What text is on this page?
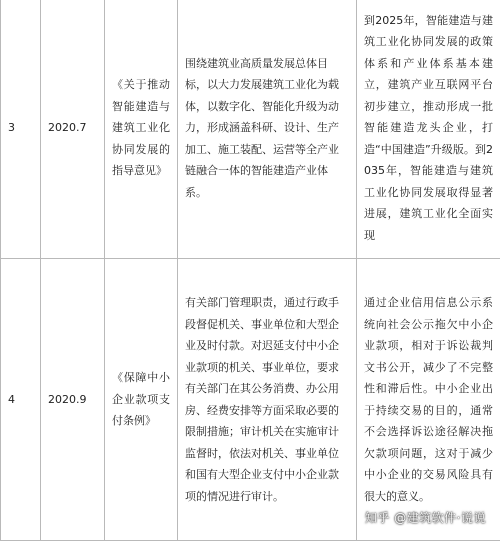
3	2020.7	《关于推动智能建造与建筑工业化协同发展的指导意见》	围绕建筑业高质量发展总体目标，以大力发展建筑工业化为载体，以数字化、智能化升级为动力，形成涵盖科研、设计、生产加工、施工装配、运营等全产业链融合一体的智能建造产业体系。	到2025年，智能建造与建筑工业化协同发展的政策体系和产业体系基本建立，建筑产业互联网平台初步建立，推动形成一批智能建造龙头企业，打造“中国建造”升级版。到2035年，智能建造与建筑工业化协同发展取得显著进展，建筑工业化全面实现
4	2020.9	《保障中小企业款项支付条例》	有关部门管理职责，通过行政手段督促机关、事业单位和大型企业及时付款。对迟延支付中小企业款项的机关、事业单位，要求有关部门在其公务消费、办公用房、经费安排等方面采取必要的限制措施；审计机关在实施审计监督时，依法对机关、事业单位和国有大型企业支付中小企业款项的情况进行审计。	通过企业信用信息公示系统向社会公示拖欠中小企业款项，相对于诉讼裁判文书公开，减少了不完整性和滞后性。中小企业出于持续交易的目的，通常不会选择诉讼途径解决拖欠款项问题，这对于减少中小企业的交易风险具有很大的意义。
知乎 @建筑软件·说说
